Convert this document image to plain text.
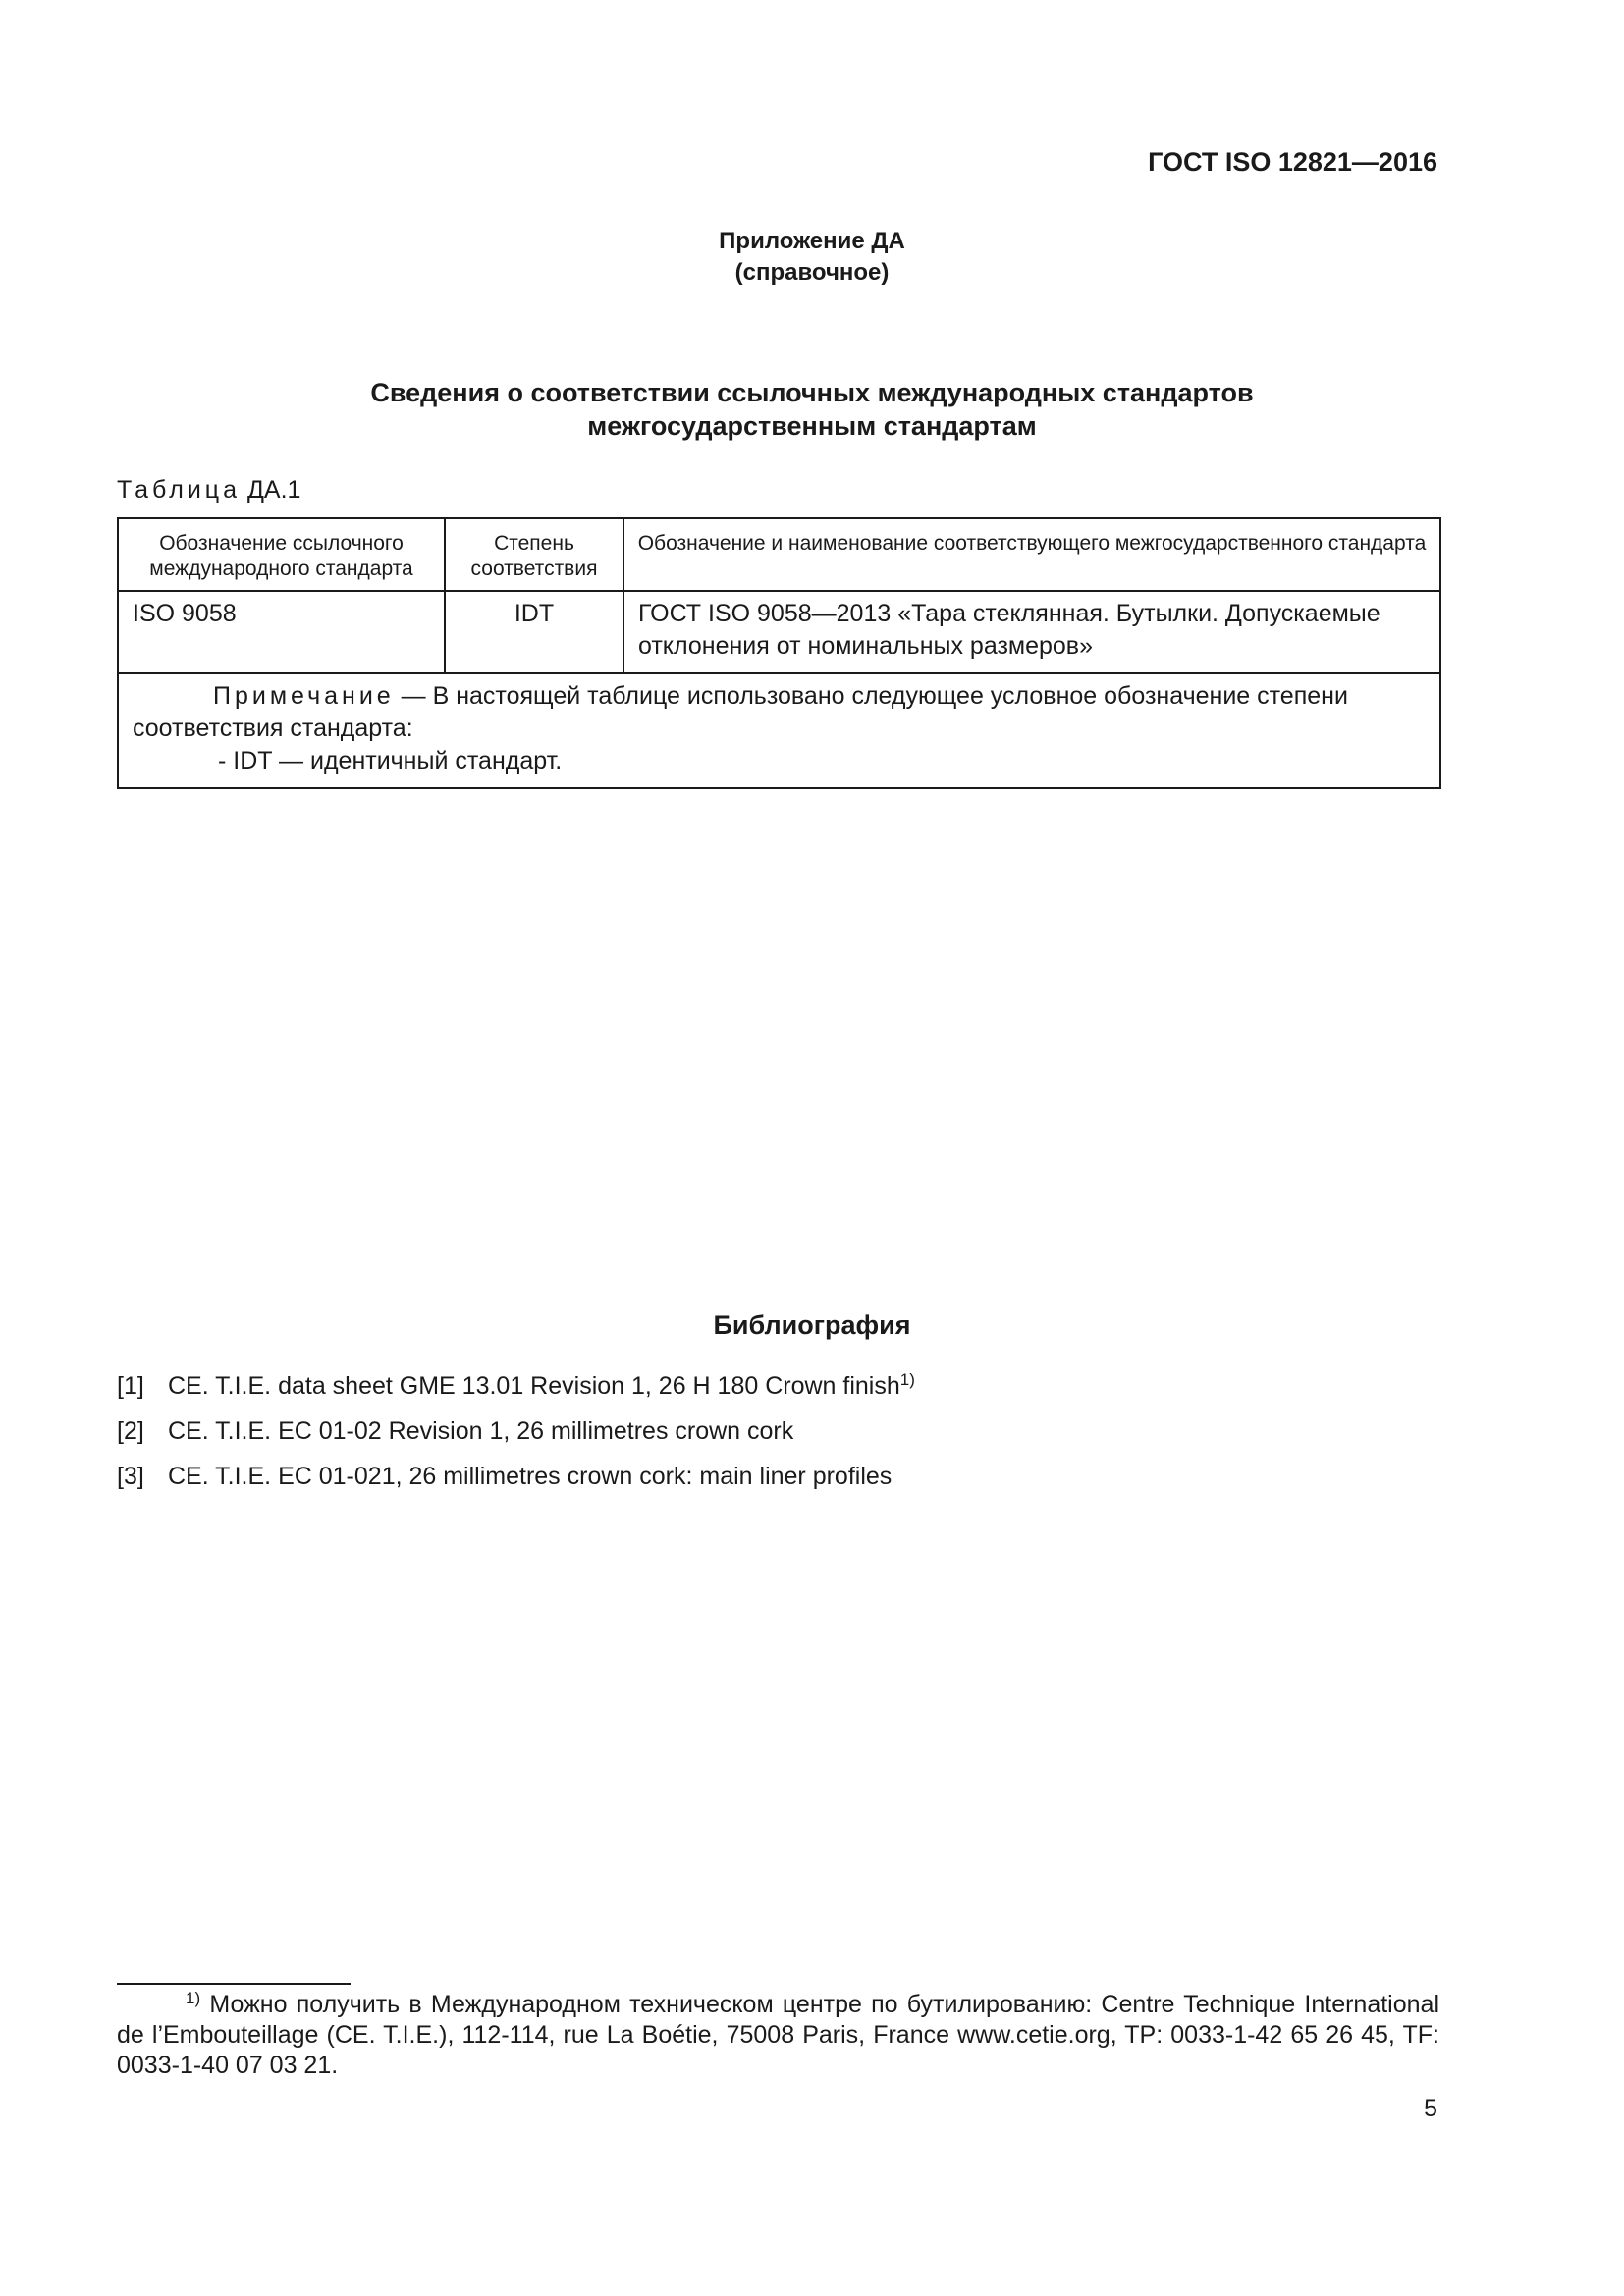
ГОСТ ISO 12821—2016
Приложение ДА
(справочное)
Сведения о соответствии ссылочных международных стандартов
межгосударственным стандартам
Таблица ДА.1
Обозначение ссылочного международного стандарта	Степень соответствия	Обозначение и наименование соответствующего межгосударственного стандарта
ISO 9058	IDT	ГОСТ ISO 9058—2013 «Тара стеклянная. Бутылки. Допускаемые отклонения от номинальных размеров»

Примечание — В настоящей таблице использовано следующее условное обозначение степени соответствия стандарта:
- IDT — идентичный стандарт.		
Библиография
[1] CE. T.I.E. data sheet GME 13.01 Revision 1, 26 H 180 Crown finish$^{1)}$
[2] CE. T.I.E. EC 01-02 Revision 1, 26 millimetres crown cork
[3] CE. T.I.E. EC 01-021, 26 millimetres crown cork: main liner profiles
$^{1)}$ Можно получить в Международном техническом центре по бутилированию: Centre Technique International de l’Embouteillage (CE. T.I.E.), 112-114, rue La Boétie, 75008 Paris, France www.cetie.org, TP: 0033-1-42 65 26 45, TF: 0033-1-40 07 03 21.
5
